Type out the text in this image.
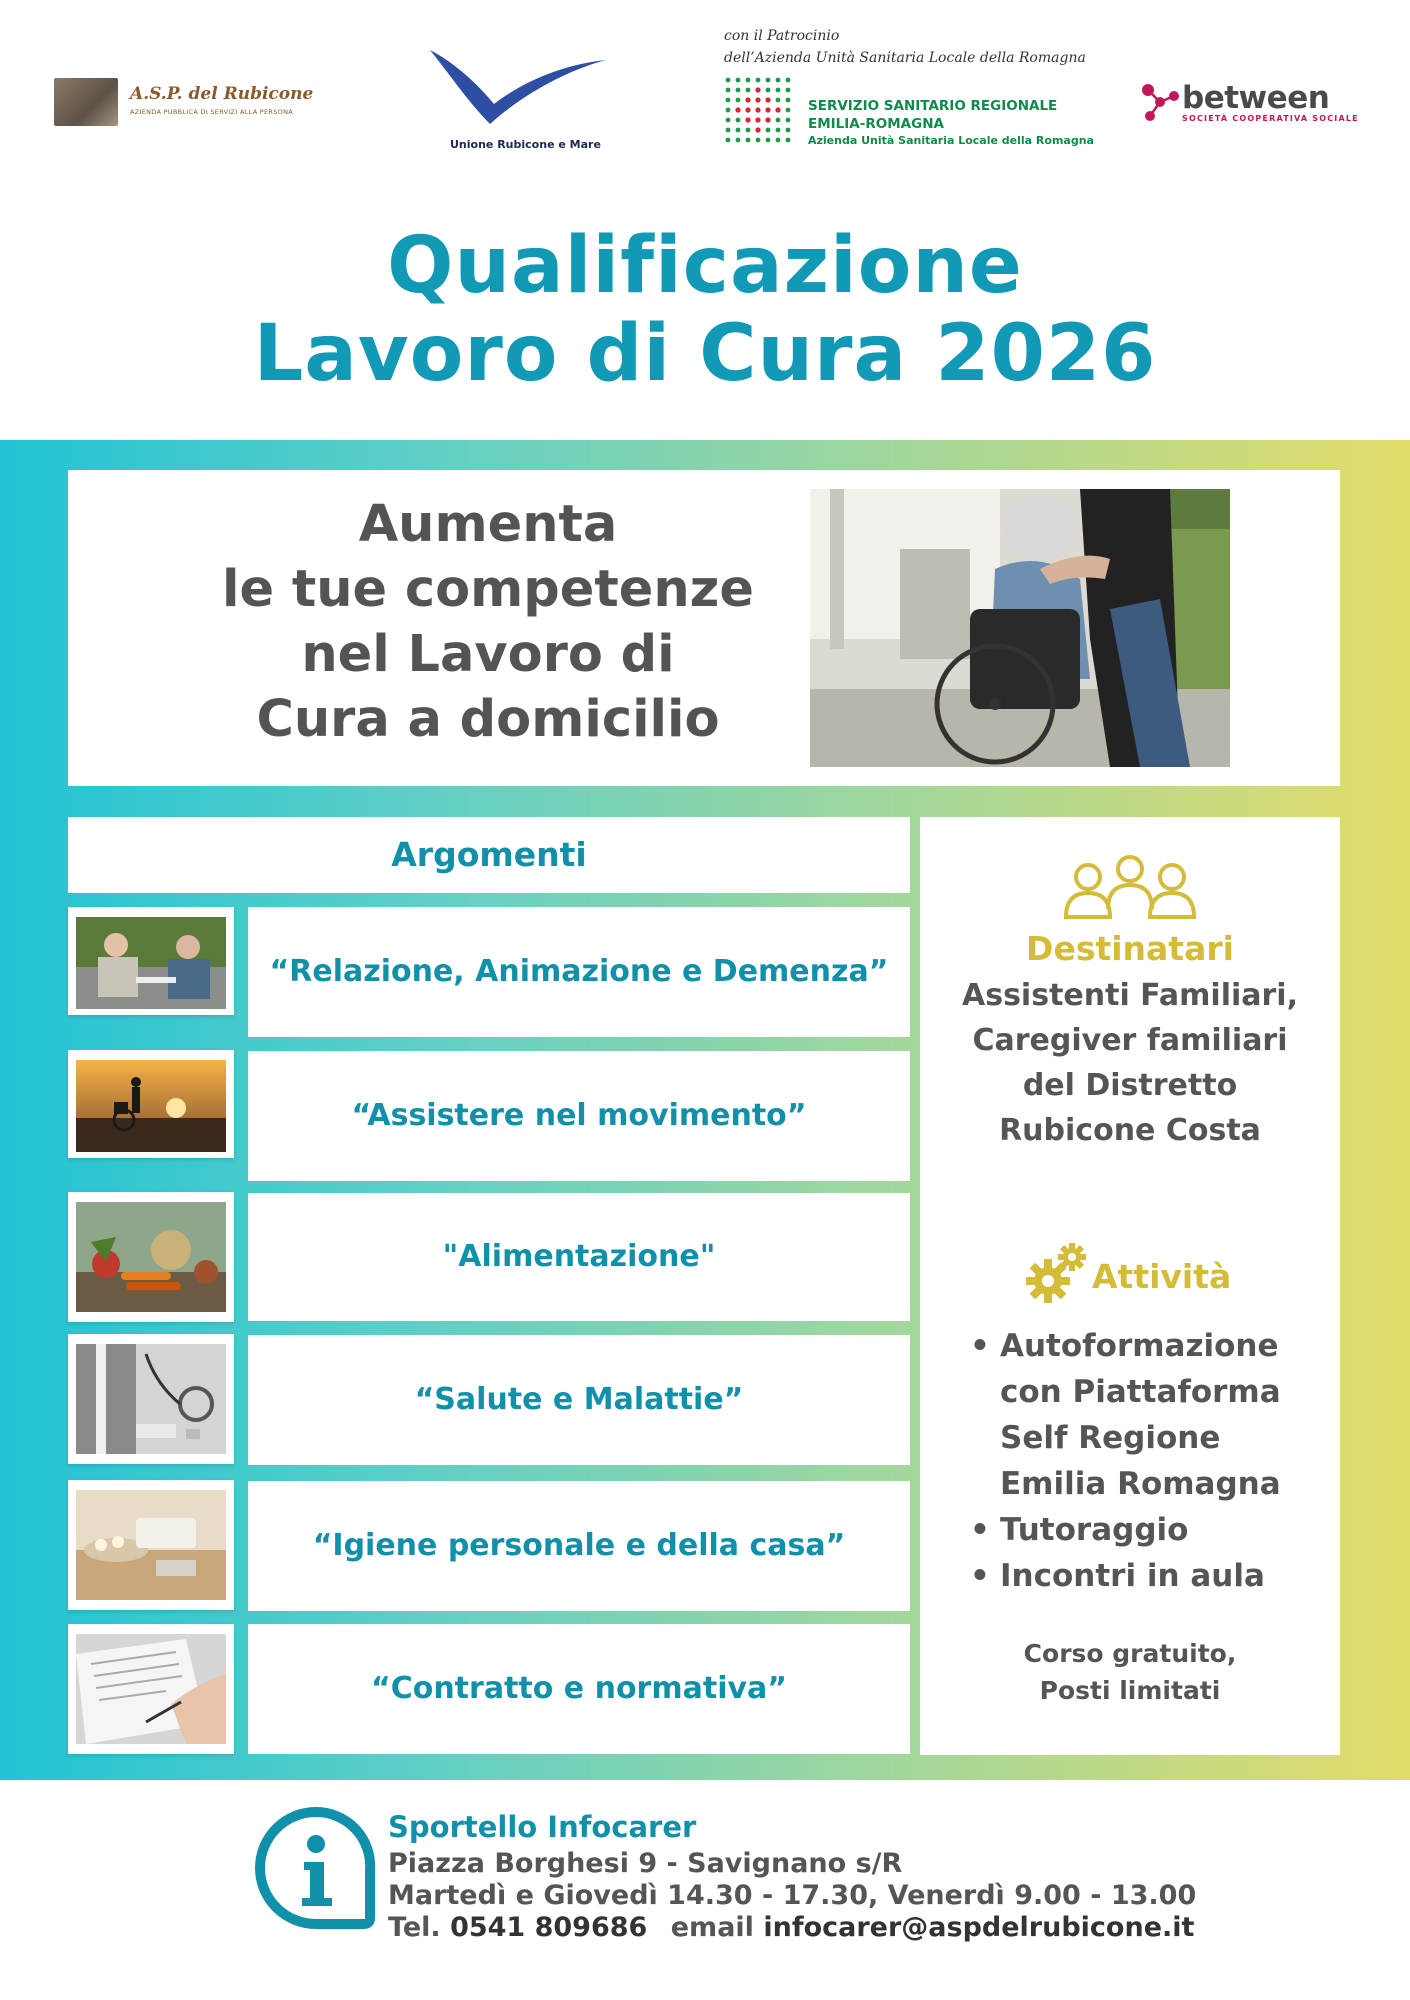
A.S.P. del Rubicone
AZIENDA PUBBLICA DI SERVIZI ALLA PERSONA
Unione Rubicone e Mare
con il Patrocinio
dell’Azienda Unità Sanitaria Locale della Romagna
SERVIZIO SANITARIO REGIONALE
EMILIA-ROMAGNA
Azienda Unità Sanitaria Locale della Romagna
between
SOCIETÀ COOPERATIVA SOCIALE
Qualificazione
Lavoro di Cura 2026
Aumenta
le tue competenze
nel Lavoro di
Cura a domicilio
Argomenti
“Relazione, Animazione e Demenza”
“Assistere nel movimento”
"Alimentazione"
“Salute e Malattie”
“Igiene personale e della casa”
“Contratto e normativa”
Destinatari
Assistenti Familiari,
Caregiver familiari
del Distretto
Rubicone Costa
Attività
• Autoformazione
con Piattaforma
Self Regione
Emilia Romagna
• Tutoraggio
• Incontri in aula
Corso gratuito,
Posti limitati
Sportello Infocarer
Piazza Borghesi 9 - Savignano s/R
Martedì e Giovedì 14.30 - 17.30, Venerdì 9.00 - 13.00
Tel. 0541 809686 email infocarer@aspdelrubicone.it
